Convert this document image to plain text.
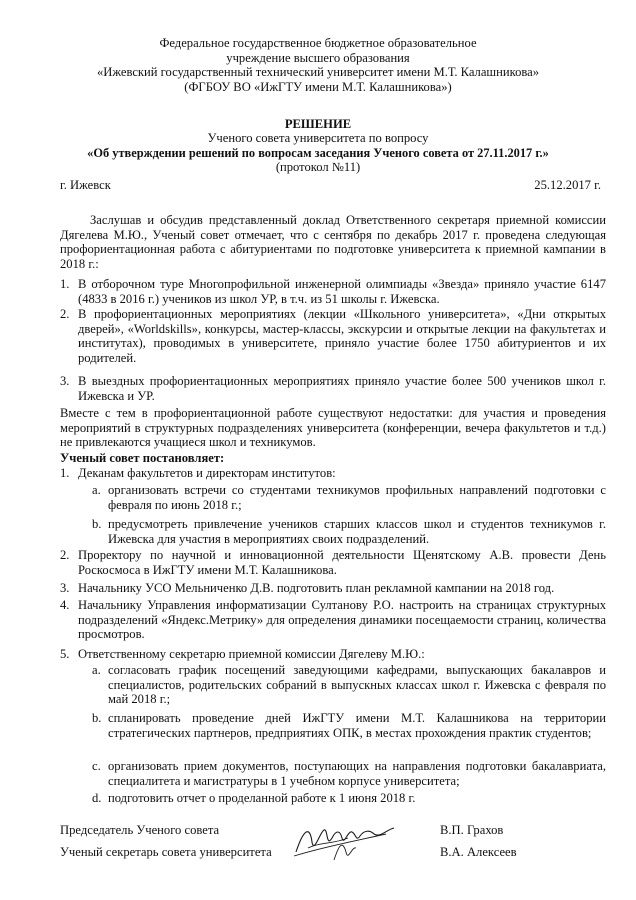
Федеральное государственное бюджетное образовательное
учреждение высшего образования
«Ижевский государственный технический университет имени М.Т. Калашникова»
(ФГБОУ ВО «ИжГТУ имени М.Т. Калашникова»)
РЕШЕНИЕ
Ученого совета университета по вопросу
«Об утверждении решений по вопросам заседания Ученого совета от 27.11.2017 г.»
(протокол №11)
г. Ижевск	25.12.2017 г.
Заслушав и обсудив представленный доклад Ответственного секретаря приемной комиссии Дягелева М.Ю., Ученый совет отмечает, что с сентября по декабрь 2017 г. проведена следующая профориентационная работа с абитуриентами по подготовке университета к приемной кампании в 2018 г.:
1. В отборочном туре Многопрофильной инженерной олимпиады «Звезда» приняло участие 6147 (4833 в 2016 г.) учеников из школ УР, в т.ч. из 51 школы г. Ижевска.
2. В профориентационных мероприятиях (лекции «Школьного университета», «Дни открытых дверей», «Worldskills», конкурсы, мастер-классы, экскурсии и открытые лекции на факультетах и институтах), проводимых в университете, приняло участие более 1750 абитуриентов и их родителей.
3. В выездных профориентационных мероприятиях приняло участие более 500 учеников школ г. Ижевска и УР.
Вместе с тем в профориентационной работе существуют недостатки: для участия и проведения мероприятий в структурных подразделениях университета (конференции, вечера факультетов и т.д.) не привлекаются учащиеся школ и техникумов.
Ученый совет постановляет:
1. Деканам факультетов и директорам институтов:
a. организовать встречи со студентами техникумов профильных направлений подготовки с февраля по июнь 2018 г.;
b. предусмотреть привлечение учеников старших классов школ и студентов техникумов г. Ижевска для участия в мероприятиях своих подразделений.
2. Проректору по научной и инновационной деятельности Щенятскому А.В. провести День Роскосмоса в ИжГТУ имени М.Т. Калашникова.
3. Начальнику УСО Мельниченко Д.В. подготовить план рекламной кампании на 2018 год.
4. Начальнику Управления информатизации Султанову Р.О. настроить на страницах структурных подразделений «Яндекс.Метрику» для определения динамики посещаемости страниц, количества просмотров.
5. Ответственному секретарю приемной комиссии Дягелеву М.Ю.:
a. согласовать график посещений заведующими кафедрами, выпускающих бакалавров и специалистов, родительских собраний в выпускных классах школ г. Ижевска с февраля по май 2018 г.;
b. спланировать проведение дней ИжГТУ имени М.Т. Калашникова на территории стратегических партнеров, предприятиях ОПК, в местах прохождения практик студентов;
c. организовать прием документов, поступающих на направления подготовки бакалавриата, специалитета и магистратуры в 1 учебном корпусе университета;
d. подготовить отчет о проделанной работе к 1 июня 2018 г.
Председатель Ученого совета	В.П. Грахов
Ученый секретарь совета университета	В.А. Алексеев
